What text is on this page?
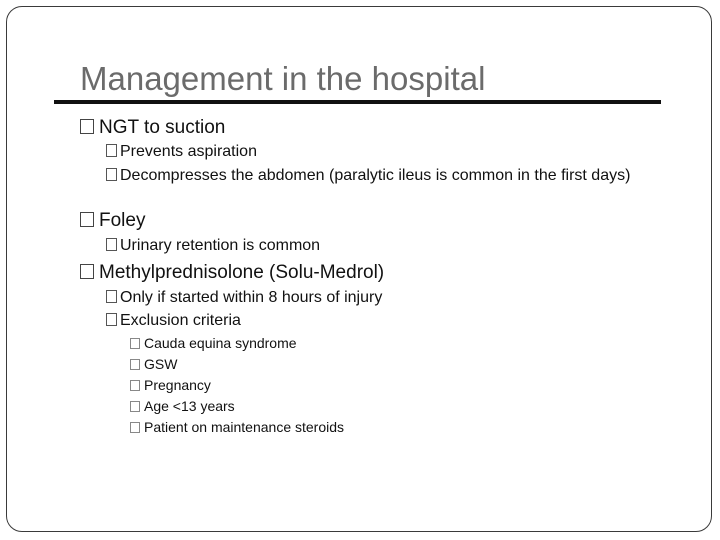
Management in the hospital
NGT to suction
Prevents aspiration
Decompresses the abdomen (paralytic ileus is common in the first days)
Foley
Urinary retention is common
Methylprednisolone (Solu-Medrol)
Only if started within 8 hours of injury
Exclusion criteria
Cauda equina syndrome
GSW
Pregnancy
Age <13 years
Patient on maintenance steroids
